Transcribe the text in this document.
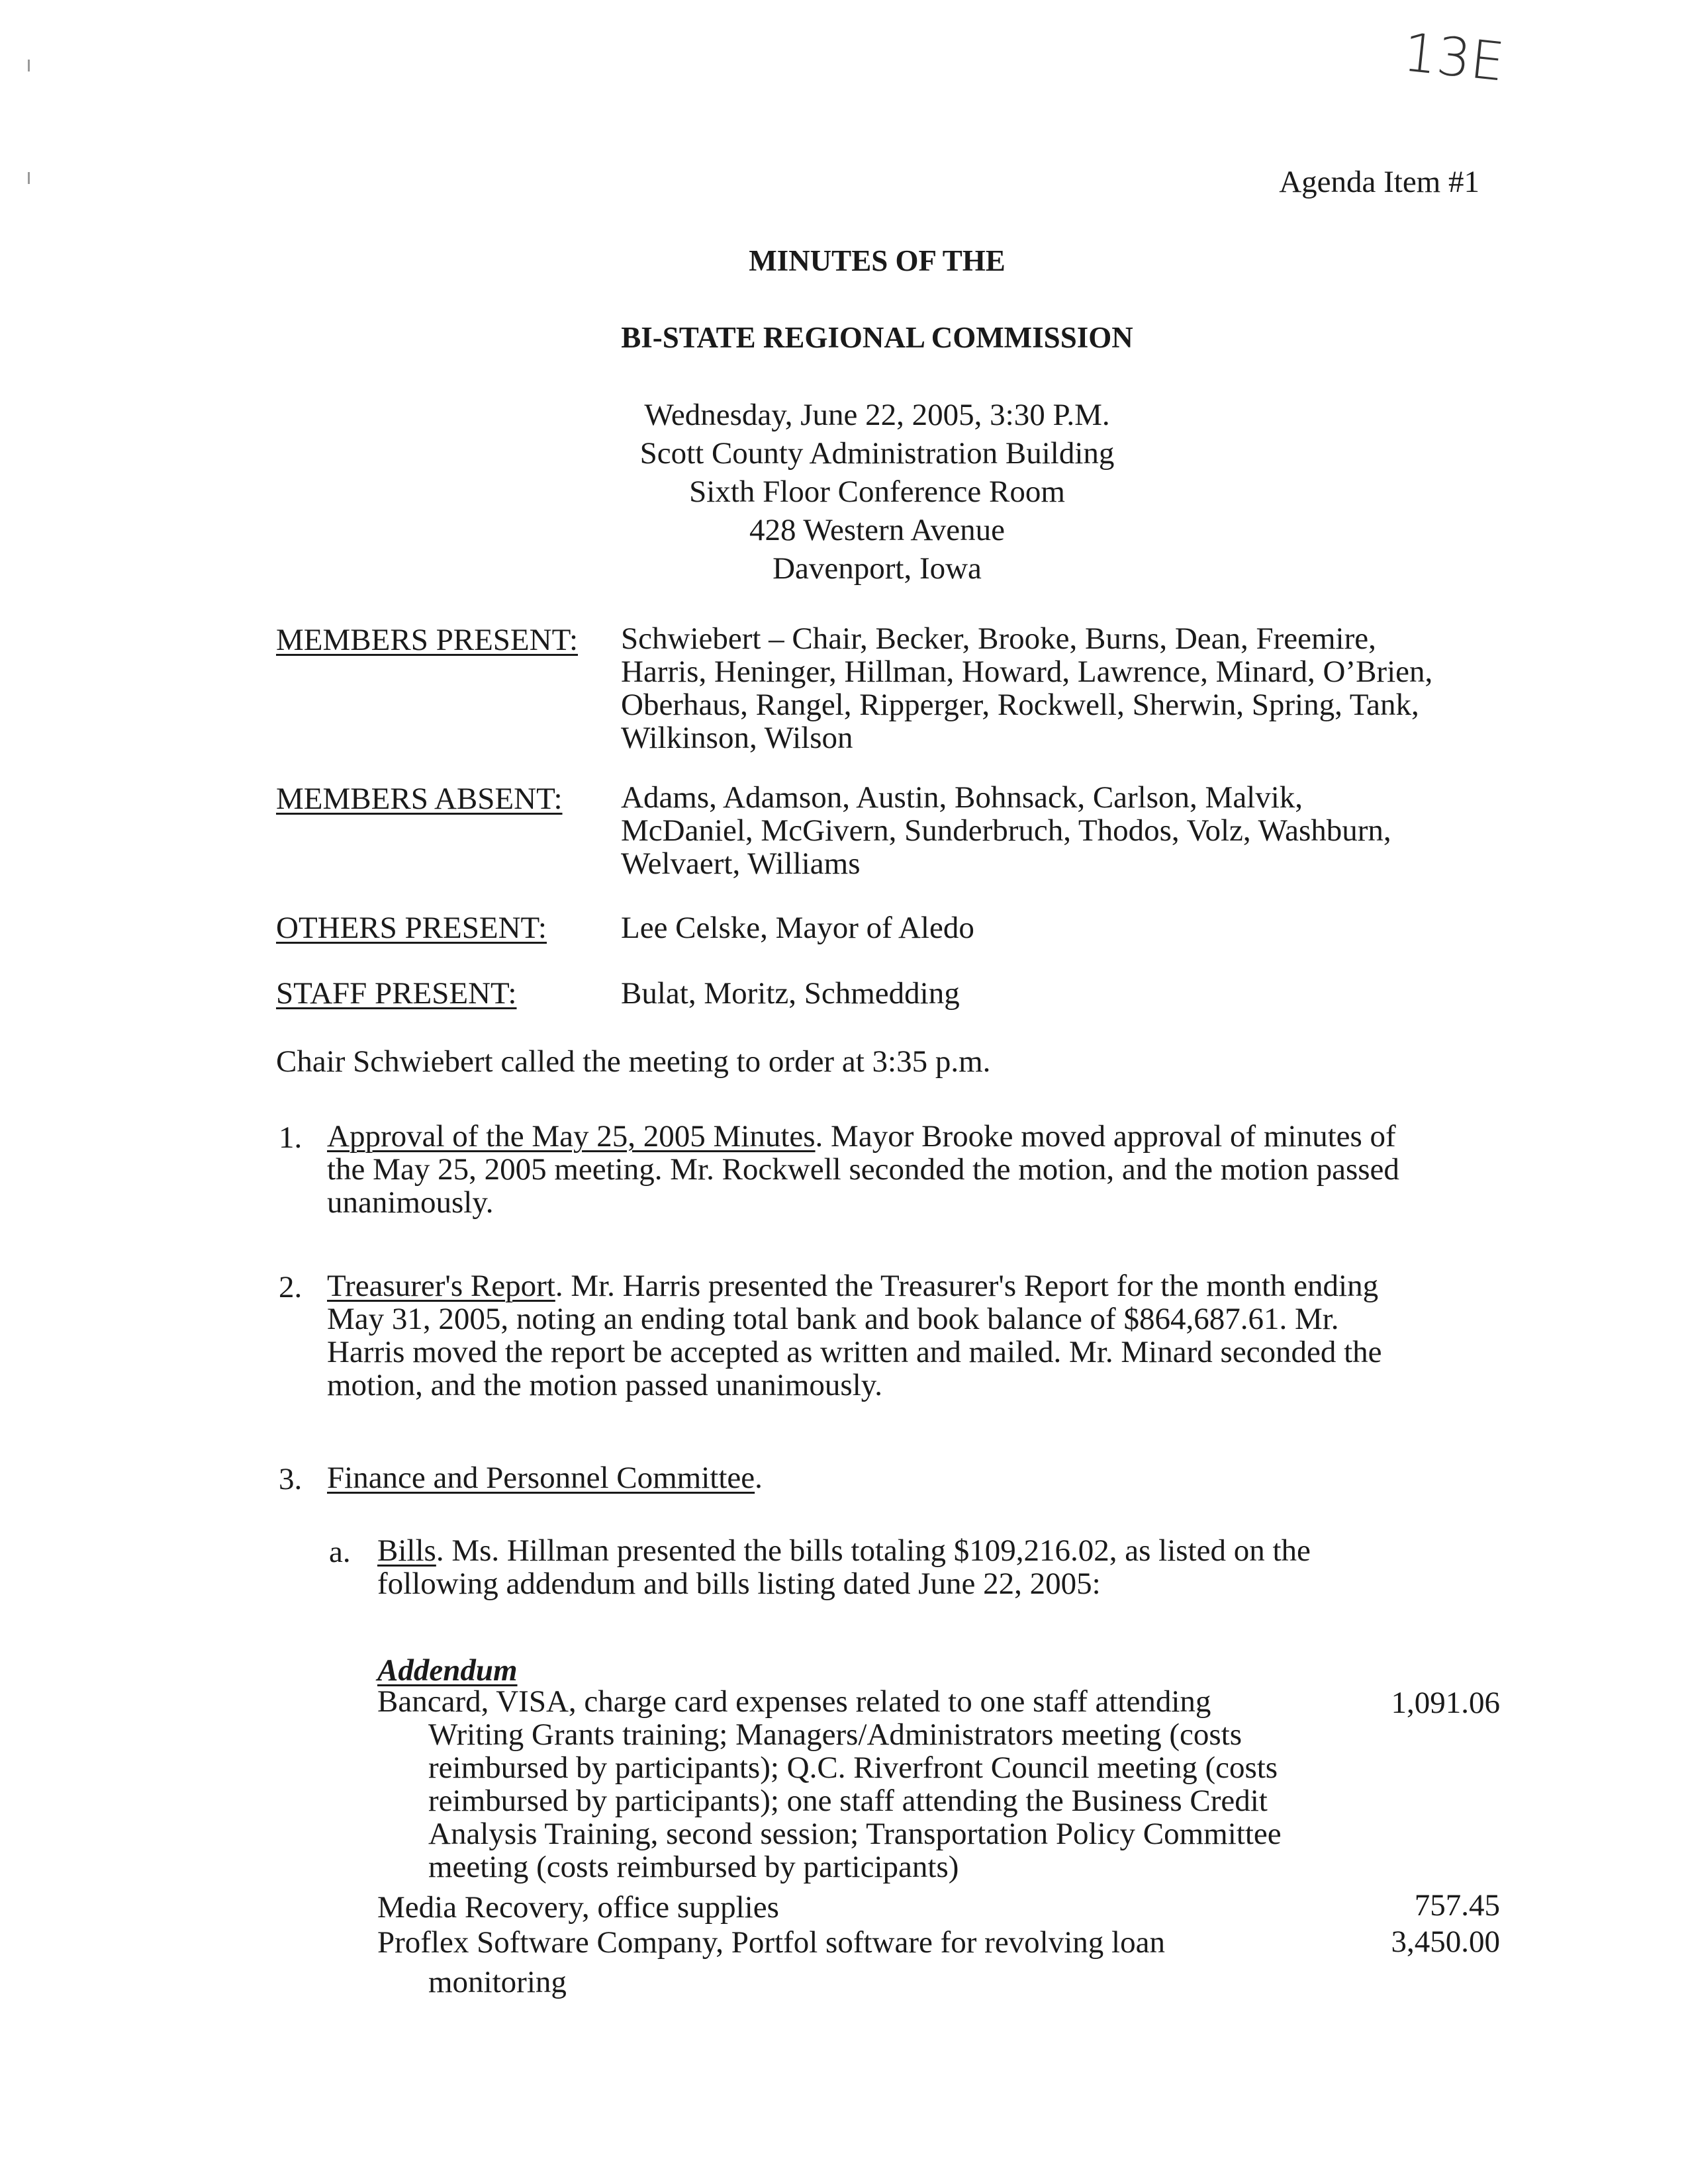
13E
Agenda Item #1
MINUTES OF THE
BI-STATE REGIONAL COMMISSION
Wednesday, June 22, 2005, 3:30 P.M.
Scott County Administration Building
Sixth Floor Conference Room
428 Western Avenue
Davenport, Iowa
MEMBERS PRESENT: Schwiebert – Chair, Becker, Brooke, Burns, Dean, Freemire,
Harris, Heninger, Hillman, Howard, Lawrence, Minard, O’Brien,
Oberhaus, Rangel, Ripperger, Rockwell, Sherwin, Spring, Tank,
Wilkinson, Wilson
MEMBERS ABSENT: Adams, Adamson, Austin, Bohnsack, Carlson, Malvik,
McDaniel, McGivern, Sunderbruch, Thodos, Volz, Washburn,
Welvaert, Williams
OTHERS PRESENT: Lee Celske, Mayor of Aledo
STAFF PRESENT:	Bulat, Moritz, Schmedding
Chair Schwiebert called the meeting to order at 3:35 p.m.
1. Approval of the May 25, 2005 Minutes. Mayor Brooke moved approval of minutes of
the May 25, 2005 meeting. Mr. Rockwell seconded the motion, and the motion passed
unanimously.
2. Treasurer's Report. Mr. Harris presented the Treasurer's Report for the month ending
May 31, 2005, noting an ending total bank and book balance of $864,687.61. Mr.
Harris moved the report be accepted as written and mailed. Mr. Minard seconded the
motion, and the motion passed unanimously.
3. Finance and Personnel Committee.
a. Bills. Ms. Hillman presented the bills totaling $109,216.02, as listed on the
following addendum and bills listing dated June 22, 2005:
Addendum
Bancard, VISA, charge card expenses related to one staff attending
Writing Grants training; Managers/Administrators meeting (costs
reimbursed by participants); Q.C. Riverfront Council meeting (costs
reimbursed by participants); one staff attending the Business Credit
Analysis Training, second session; Transportation Policy Committee
meeting (costs reimbursed by participants)
1,091.06
Media Recovery, office supplies	757.45
Proflex Software Company, Portfol software for revolving loan
monitoring
3,450.00
